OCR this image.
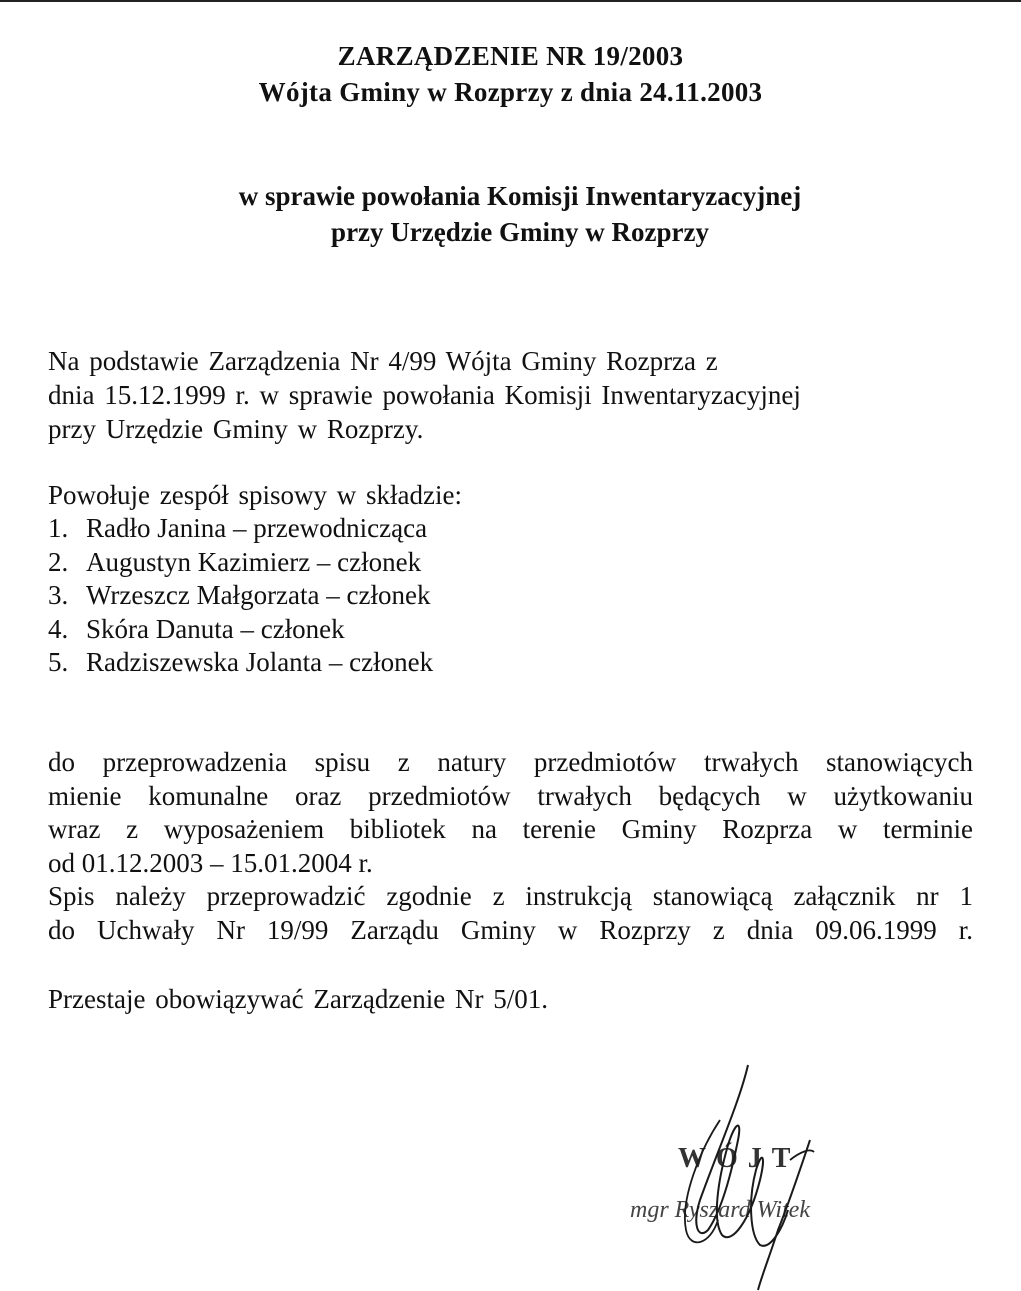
ZARZĄDZENIE NR 19/2003
Wójta Gminy w Rozprzy z dnia 24.11.2003
w sprawie powołania Komisji Inwentaryzacyjnej
przy Urzędzie Gminy w Rozprzy
Na podstawie Zarządzenia Nr 4/99 Wójta Gminy Rozprza z
dnia 15.12.1999 r. w sprawie powołania Komisji Inwentaryzacyjnej
przy Urzędzie Gminy w Rozprzy.
Powołuje zespół spisowy w składzie:
1. Radło Janina – przewodnicząca
2. Augustyn Kazimierz – członek
3. Wrzeszcz Małgorzata – członek
4. Skóra Danuta – członek
5. Radziszewska Jolanta – członek
do przeprowadzenia spisu z natury przedmiotów trwałych stanowiących
mienie komunalne oraz przedmiotów trwałych będących w użytkowaniu
wraz z wyposażeniem bibliotek na terenie Gminy Rozprza w terminie
od 01.12.2003 – 15.01.2004 r.
Spis należy przeprowadzić zgodnie z instrukcją stanowiącą załącznik nr 1
do Uchwały Nr 19/99 Zarządu Gminy w Rozprzy z dnia 09.06.1999 r.
Przestaje obowiązywać Zarządzenie Nr 5/01.
WÓJT
mgr Ryszard Witek
